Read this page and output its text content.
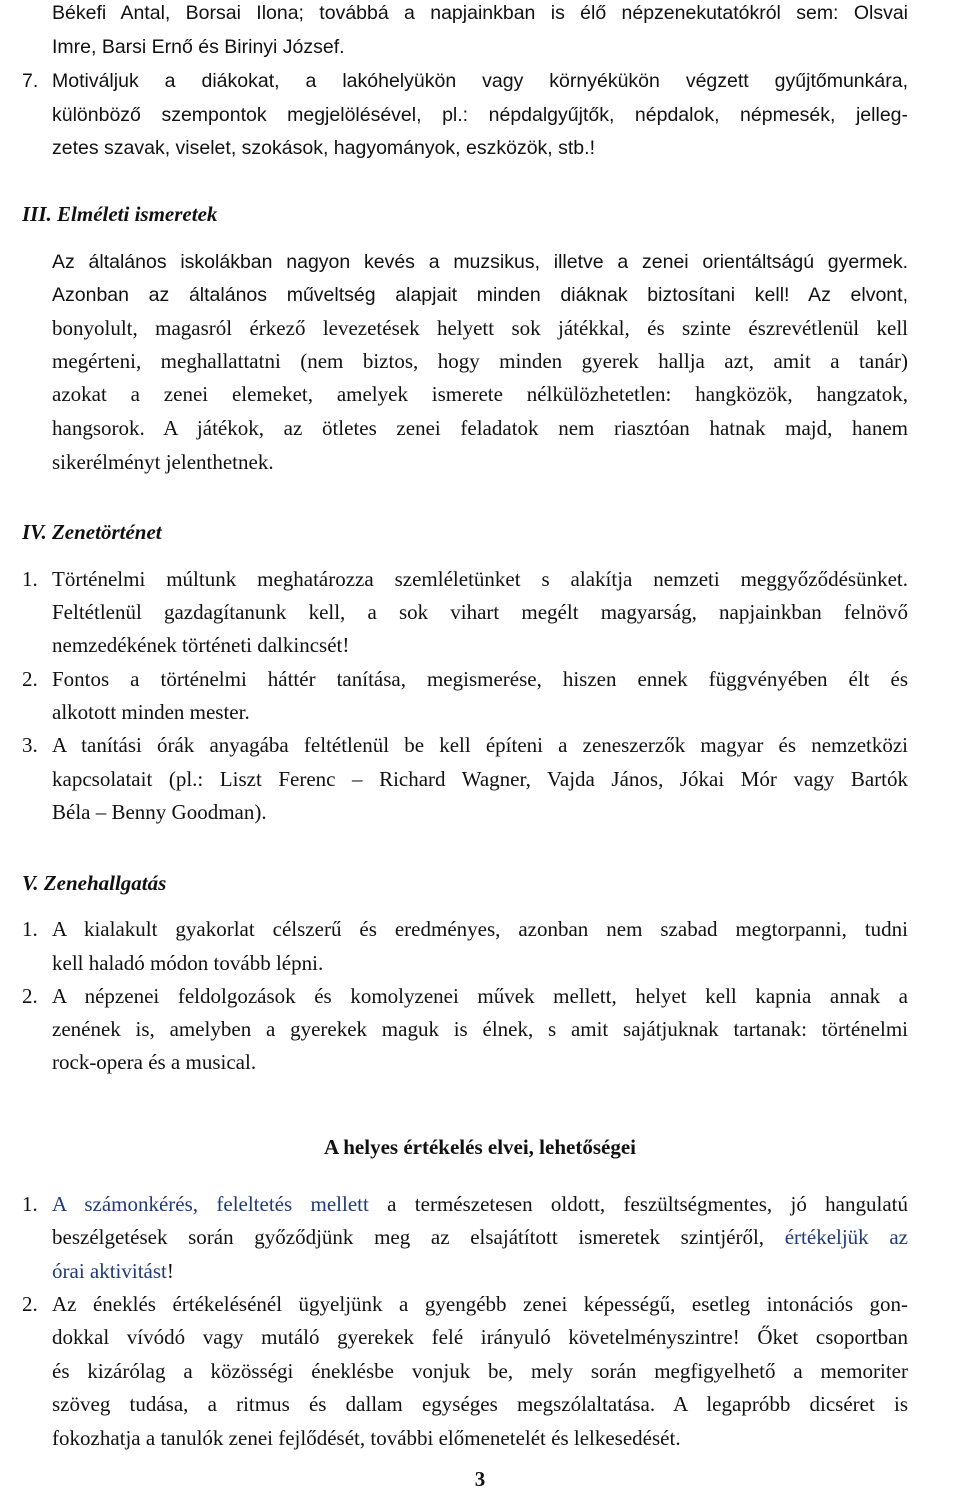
Békefi Antal, Borsai Ilona; továbbá a napjainkban is élő népzenekutatókról sem: Olsvai
Imre, Barsi Ernő és Birinyi József.
7. Motiváljuk a diákokat, a lakóhelyükön vagy környékükön végzett gyűjtőmunkára,
különböző szempontok megjelölésével, pl.: népdalgyűjtők, népdalok, népmesék, jelleg-
zetes szavak, viselet, szokások, hagyományok, eszközök, stb.!
III. Elméleti ismeretek
Az általános iskolákban nagyon kevés a muzsikus, illetve a zenei orientáltságú gyermek.
Azonban az általános műveltség alapjait minden diáknak biztosítani kell! Az elvont,
bonyolult, magasról érkező levezetések helyett sok játékkal, és szinte észrevétlenül kell
megérteni, meghallattatni (nem biztos, hogy minden gyerek hallja azt, amit a tanár)
azokat a zenei elemeket, amelyek ismerete nélkülözhetetlen: hangközök, hangzatok,
hangsorok. A játékok, az ötletes zenei feladatok nem riasztóan hatnak majd, hanem
sikerélményt jelenthetnek.
IV. Zenetörténet
1. Történelmi múltunk meghatározza szemléletünket s alakítja nemzeti meggyőződésünket.
Feltétlenül gazdagítanunk kell, a sok vihart megélt magyarság, napjainkban felnövő
nemzedékének történeti dalkincsét!
2. Fontos a történelmi háttér tanítása, megismerése, hiszen ennek függvényében élt és
alkotott minden mester.
3. A tanítási órák anyagába feltétlenül be kell építeni a zeneszerzők magyar és nemzetközi
kapcsolatait (pl.: Liszt Ferenc – Richard Wagner, Vajda János, Jókai Mór vagy Bartók
Béla – Benny Goodman).
V. Zenehallgatás
1. A kialakult gyakorlat célszerű és eredményes, azonban nem szabad megtorpanni, tudni
kell haladó módon tovább lépni.
2. A népzenei feldolgozások és komolyzenei művek mellett, helyet kell kapnia annak a
zenének is, amelyben a gyerekek maguk is élnek, s amit sajátjuknak tartanak: történelmi
rock-opera és a musical.
A helyes értékelés elvei, lehetőségei
1. A számonkérés, feleltetés mellett a természetesen oldott, feszültségmentes, jó hangulatú
beszélgetések során győződjünk meg az elsajátított ismeretek szintjéről, értékeljük az
órai aktivitást!
2. Az éneklés értékelésénél ügyeljünk a gyengébb zenei képességű, esetleg intonációs gon-
dokkal vívódó vagy mutáló gyerekek felé irányuló követelményszintre! Őket csoportban
és kizárólag a közösségi éneklésbe vonjuk be, mely során megfigyelhető a memoriter
szöveg tudása, a ritmus és dallam egységes megszólaltatása. A legapróbb dicséret is
fokozhatja a tanulók zenei fejlődését, további előmenetelét és lelkesedését.
3
